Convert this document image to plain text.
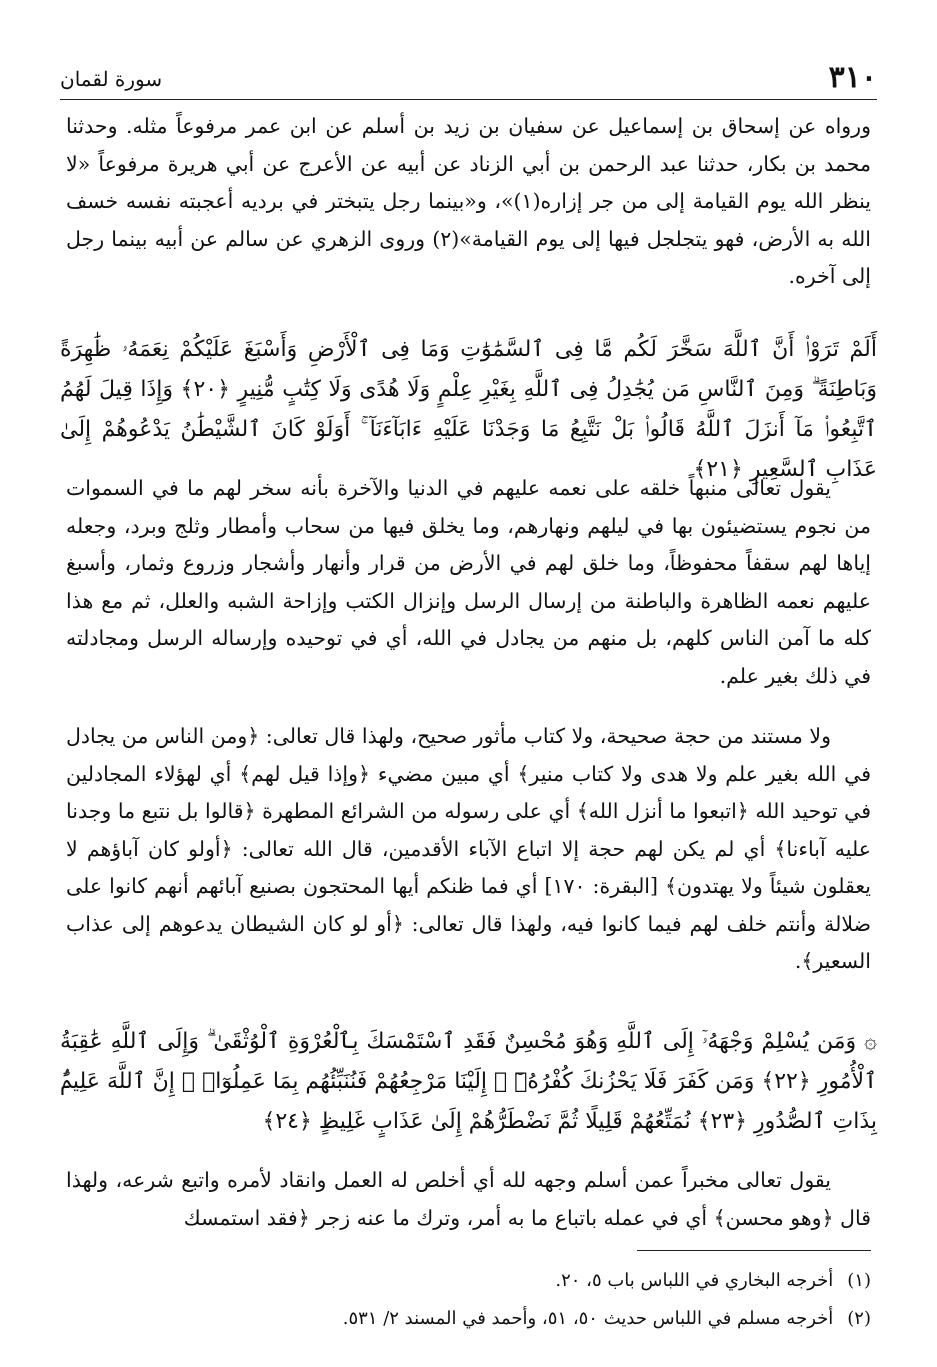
٣١٠
سورة لقمان

ورواه عن إسحاق بن إسماعيل عن سفيان بن زيد بن أسلم عن ابن عمر مرفوعاً مثله. وحدثنا محمد بن بكار، حدثنا عبد الرحمن بن أبي الزناد عن أبيه عن الأعرج عن أبي هريرة مرفوعاً «لا ينظر الله يوم القيامة إلى من جر إزاره(١)»، و«بينما رجل يتبختر في برديه أعجبته نفسه خسف الله به الأرض، فهو يتجلجل فيها إلى يوم القيامة»(٢) وروى الزهري عن سالم عن أبيه بينما رجل إلى آخره.

أَلَمْ تَرَوْا۟ أَنَّ ٱللَّهَ سَخَّرَ لَكُم مَّا فِى ٱلسَّمَٰوَٰتِ وَمَا فِى ٱلْأَرْضِ وَأَسْبَغَ عَلَيْكُمْ نِعَمَهُۥ ظَٰهِرَةً وَبَاطِنَةً ۗ وَمِنَ ٱلنَّاسِ مَن يُجَٰدِلُ فِى ٱللَّهِ بِغَيْرِ عِلْمٍ وَلَا هُدًى وَلَا كِتَٰبٍ مُّنِيرٍ ﴿٢٠﴾ وَإِذَا قِيلَ لَهُمُ ٱتَّبِعُوا۟ مَآ أَنزَلَ ٱللَّهُ قَالُوا۟ بَلْ نَتَّبِعُ مَا وَجَدْنَا عَلَيْهِ ءَابَآءَنَآ ۚ أَوَلَوْ كَانَ ٱلشَّيْطَٰنُ يَدْعُوهُمْ إِلَىٰ عَذَابِ ٱلسَّعِيرِ ﴿٢١﴾

يقول تعالى منبهاً خلقه على نعمه عليهم في الدنيا والآخرة بأنه سخر لهم ما في السموات من نجوم يستضيئون بها في ليلهم ونهارهم، وما يخلق فيها من سحاب وأمطار وثلج وبرد، وجعله إياها لهم سقفاً محفوظاً، وما خلق لهم في الأرض من قرار وأنهار وأشجار وزروع وثمار، وأسبغ عليهم نعمه الظاهرة والباطنة من إرسال الرسل وإنزال الكتب وإزاحة الشبه والعلل، ثم مع هذا كله ما آمن الناس كلهم، بل منهم من يجادل في الله، أي في توحيده وإرساله الرسل ومجادلته في ذلك بغير علم.

ولا مستند من حجة صحيحة، ولا كتاب مأثور صحيح، ولهذا قال تعالى: ﴿ومن الناس من يجادل في الله بغير علم ولا هدى ولا كتاب منير﴾ أي مبين مضيء ﴿وإذا قيل لهم﴾ أي لهؤلاء المجادلين في توحيد الله ﴿اتبعوا ما أنزل الله﴾ أي على رسوله من الشرائع المطهرة ﴿قالوا بل نتبع ما وجدنا عليه آباءنا﴾ أي لم يكن لهم حجة إلا اتباع الآباء الأقدمين، قال الله تعالى: ﴿أولو كان آباؤهم لا يعقلون شيئاً ولا يهتدون﴾ [البقرة: ١٧٠] أي فما ظنكم أيها المحتجون بصنيع آبائهم أنهم كانوا على ضلالة وأنتم خلف لهم فيما كانوا فيه، ولهذا قال تعالى: ﴿أو لو كان الشيطان يدعوهم إلى عذاب السعير﴾.

۞ وَمَن يُسْلِمْ وَجْهَهُۥٓ إِلَى ٱللَّهِ وَهُوَ مُحْسِنٌ فَقَدِ ٱسْتَمْسَكَ بِٱلْعُرْوَةِ ٱلْوُثْقَىٰ ۗ وَإِلَى ٱللَّهِ عَٰقِبَةُ ٱلْأُمُورِ ﴿٢٢﴾ وَمَن كَفَرَ فَلَا يَحْزُنكَ كُفْرُهُۥٓ ۚ إِلَيْنَا مَرْجِعُهُمْ فَنُنَبِّئُهُم بِمَا عَمِلُوٓا۟ ۚ إِنَّ ٱللَّهَ عَلِيمٌۢ بِذَاتِ ٱلصُّدُورِ ﴿٢٣﴾ نُمَتِّعُهُمْ قَلِيلًا ثُمَّ نَضْطَرُّهُمْ إِلَىٰ عَذَابٍ غَلِيظٍ ﴿٢٤﴾

يقول تعالى مخبراً عمن أسلم وجهه لله أي أخلص له العمل وانقاد لأمره واتبع شرعه، ولهذا قال ﴿وهو محسن﴾ أي في عمله باتباع ما به أمر، وترك ما عنه زجر ﴿فقد استمسك

(١)
أخرجه البخاري في اللباس باب ٥، ٢٠.
(٢)
أخرجه مسلم في اللباس حديث ٥٠، ٥١، وأحمد في المسند ٢/ ٥٣١.
